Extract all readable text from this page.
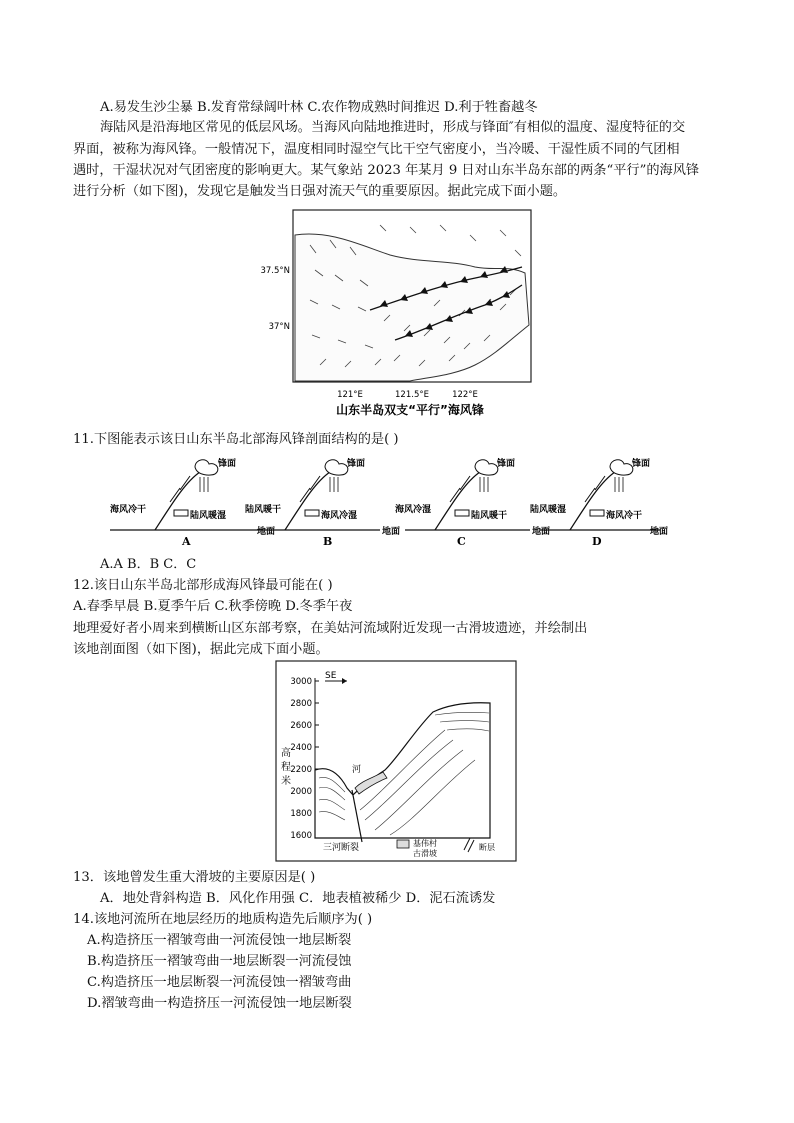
A.易发生沙尘暴 B.发育常绿阔叶林 C.农作物成熟时间推迟 D.利于牲畜越冬
海陆风是沿海地区常见的低层风场。当海风向陆地推进时，形成与锋面″有相似的温度、湿度特征的交
界面，被称为海风锋。一般情况下，温度相同时湿空气比干空气密度小，当冷暖、干湿性质不同的气团相
遇时，干湿状况对气团密度的影响更大。某气象站 2023 年某月 9 日对山东半岛东部的两条“平行”的海风锋
进行分析（如下图)，发现它是触发当日强对流天气的重要原因。据此完成下面小题。
37.5°N
37°N
121°E	121.5°E	122°E
山东半岛双支“平行”海风锋
11.下图能表示该日山东半岛北部海风锋剖面结构的是( )
海风冷干
陆风暖湿
锋面
地面
A
陆风暖干
海风冷湿
锋面
地面
B
海风冷湿
陆风暖干
锋面
地面
C
陆风暖湿
海风冷干
锋面
地面
D
A.A B．B C．C
12.该日山东半岛北部形成海风锋最可能在( )
A.春季早晨 B.夏季午后 C.秋季傍晚 D.冬季午夜
地理爱好者小周来到横断山区东部考察，在美姑河流域附近发现一古滑坡遗迹，并绘制出
该地剖面图（如下图)，据此完成下面小题。
3000
2800
2600
2400
2200
2000
1800
1600
高
程
米
SE
河
三河断裂	基伟村
古滑坡
断层
13．该地曾发生重大滑坡的主要原因是( )
A．地处背斜构造 B．风化作用强 C．地表植被稀少 D．泥石流诱发
14.该地河流所在地层经历的地质构造先后顺序为( )
A.构造挤压一褶皱弯曲一河流侵蚀一地层断裂
B.构造挤压一褶皱弯曲一地层断裂一河流侵蚀
C.构造挤压一地层断裂一河流侵蚀一褶皱弯曲
D.褶皱弯曲一构造挤压一河流侵蚀一地层断裂
